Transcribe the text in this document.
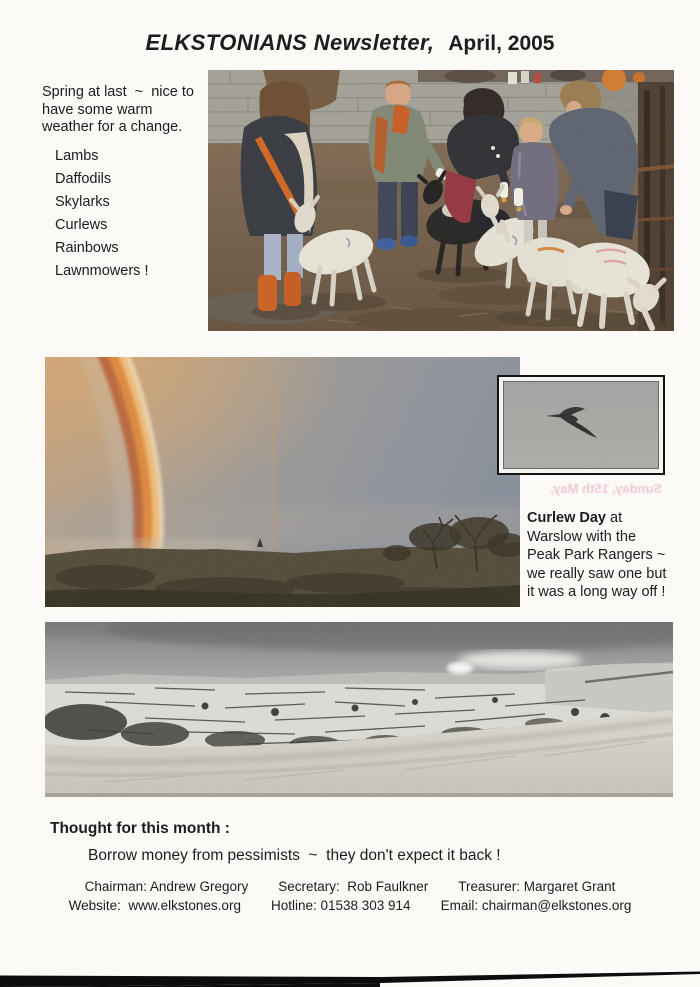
ELKSTONIANS Newsletter, April, 2005
Spring at last  ~  nice to
have some warm
weather for a change.
Lambs
Daffodils
Skylarks
Curlews
Rainbows
Lawnmowers !
Sunday, 15th May,
Curlew Day at
Warslow with the
Peak Park Rangers ~
we really saw one but
it was a long way off !
Thought for this month :
Borrow money from pessimists  ~  they don't expect it back !
Chairman: Andrew Gregory Secretary:  Rob Faulkner Treasurer: Margaret Grant
Website:  www.elkstones.org Hotline: 01538 303 914 Email: chairman@elkstones.org
